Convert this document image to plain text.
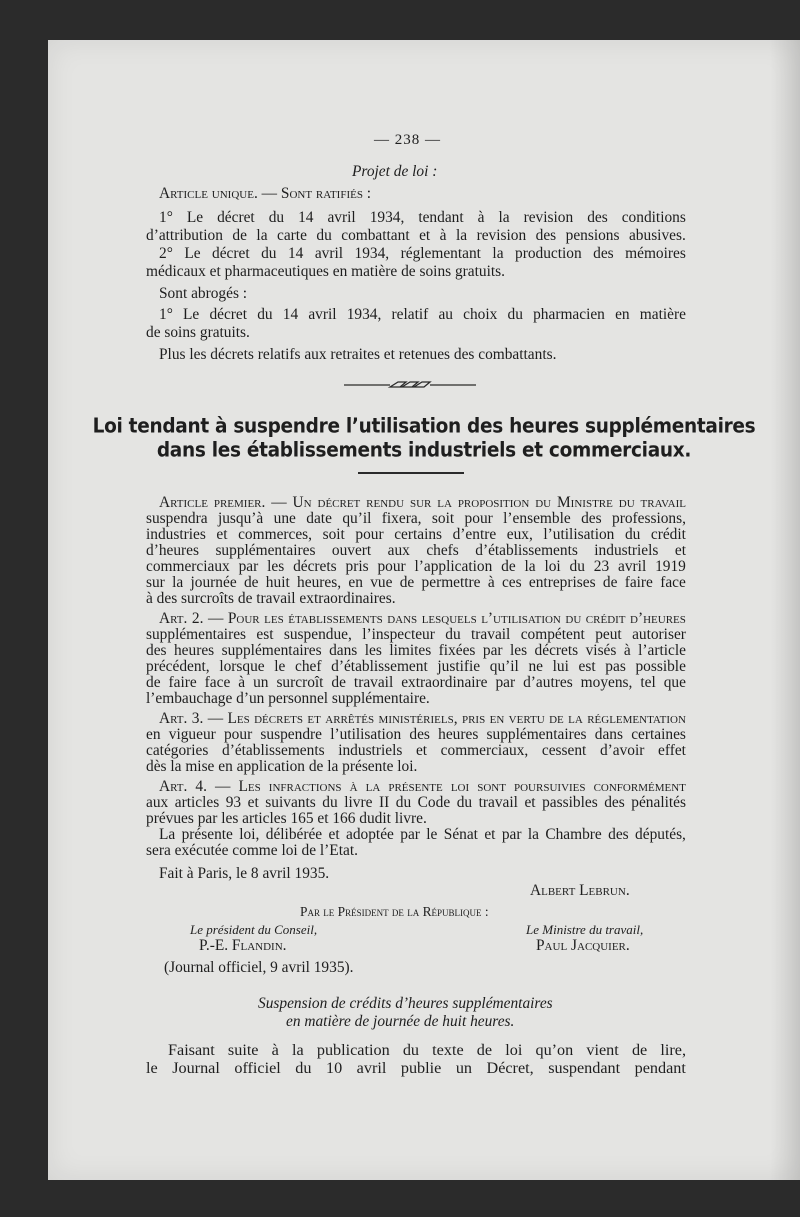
— 238 —
Projet de loi :
Article unique. — Sont ratifiés :
1° Le décret du 14 avril 1934, tendant à la revision des conditions
d’attribution de la carte du combattant et à la revision des pensions abusives.
2° Le décret du 14 avril 1934, réglementant la production des mémoires
médicaux et pharmaceutiques en matière de soins gratuits.
Sont abrogés :
1° Le décret du 14 avril 1934, relatif au choix du pharmacien en matière
de soins gratuits.
Plus les décrets relatifs aux retraites et retenues des combattants.
Loi tendant à suspendre l’utilisation des heures supplémentaires
dans les établissements industriels et commerciaux.
Article premier. — Un décret rendu sur la proposition du Ministre du travail
suspendra jusqu’à une date qu’il fixera, soit pour l’ensemble des professions,
industries et commerces, soit pour certains d’entre eux, l’utilisation du crédit
d’heures supplémentaires ouvert aux chefs d’établissements industriels et
commerciaux par les décrets pris pour l’application de la loi du 23 avril 1919
sur la journée de huit heures, en vue de permettre à ces entreprises de faire face
à des surcroîts de travail extraordinaires.
Art. 2. — Pour les établissements dans lesquels l’utilisation du crédit d’heures
supplémentaires est suspendue, l’inspecteur du travail compétent peut autoriser
des heures supplémentaires dans les limites fixées par les décrets visés à l’article
précédent, lorsque le chef d’établissement justifie qu’il ne lui est pas possible
de faire face à un surcroît de travail extraordinaire par d’autres moyens, tel que
l’embauchage d’un personnel supplémentaire.
Art. 3. — Les décrets et arrêtés ministériels, pris en vertu de la réglementation
en vigueur pour suspendre l’utilisation des heures supplémentaires dans certaines
catégories d’établissements industriels et commerciaux, cessent d’avoir effet
dès la mise en application de la présente loi.
Art. 4. — Les infractions à la présente loi sont poursuivies conformément
aux articles 93 et suivants du livre II du Code du travail et passibles des pénalités
prévues par les articles 165 et 166 dudit livre.
La présente loi, délibérée et adoptée par le Sénat et par la Chambre des députés,
sera exécutée comme loi de l’Etat.
Fait à Paris, le 8 avril 1935.
Albert Lebrun.
Par le Président de la République :
Le président du Conseil,
P.-E. Flandin.
Le Ministre du travail,
Paul Jacquier.
(Journal officiel, 9 avril 1935).
Suspension de crédits d’heures supplémentaires
en matière de journée de huit heures.
Faisant suite à la publication du texte de loi qu’on vient de lire,
le Journal officiel du 10 avril publie un Décret, suspendant pendant
